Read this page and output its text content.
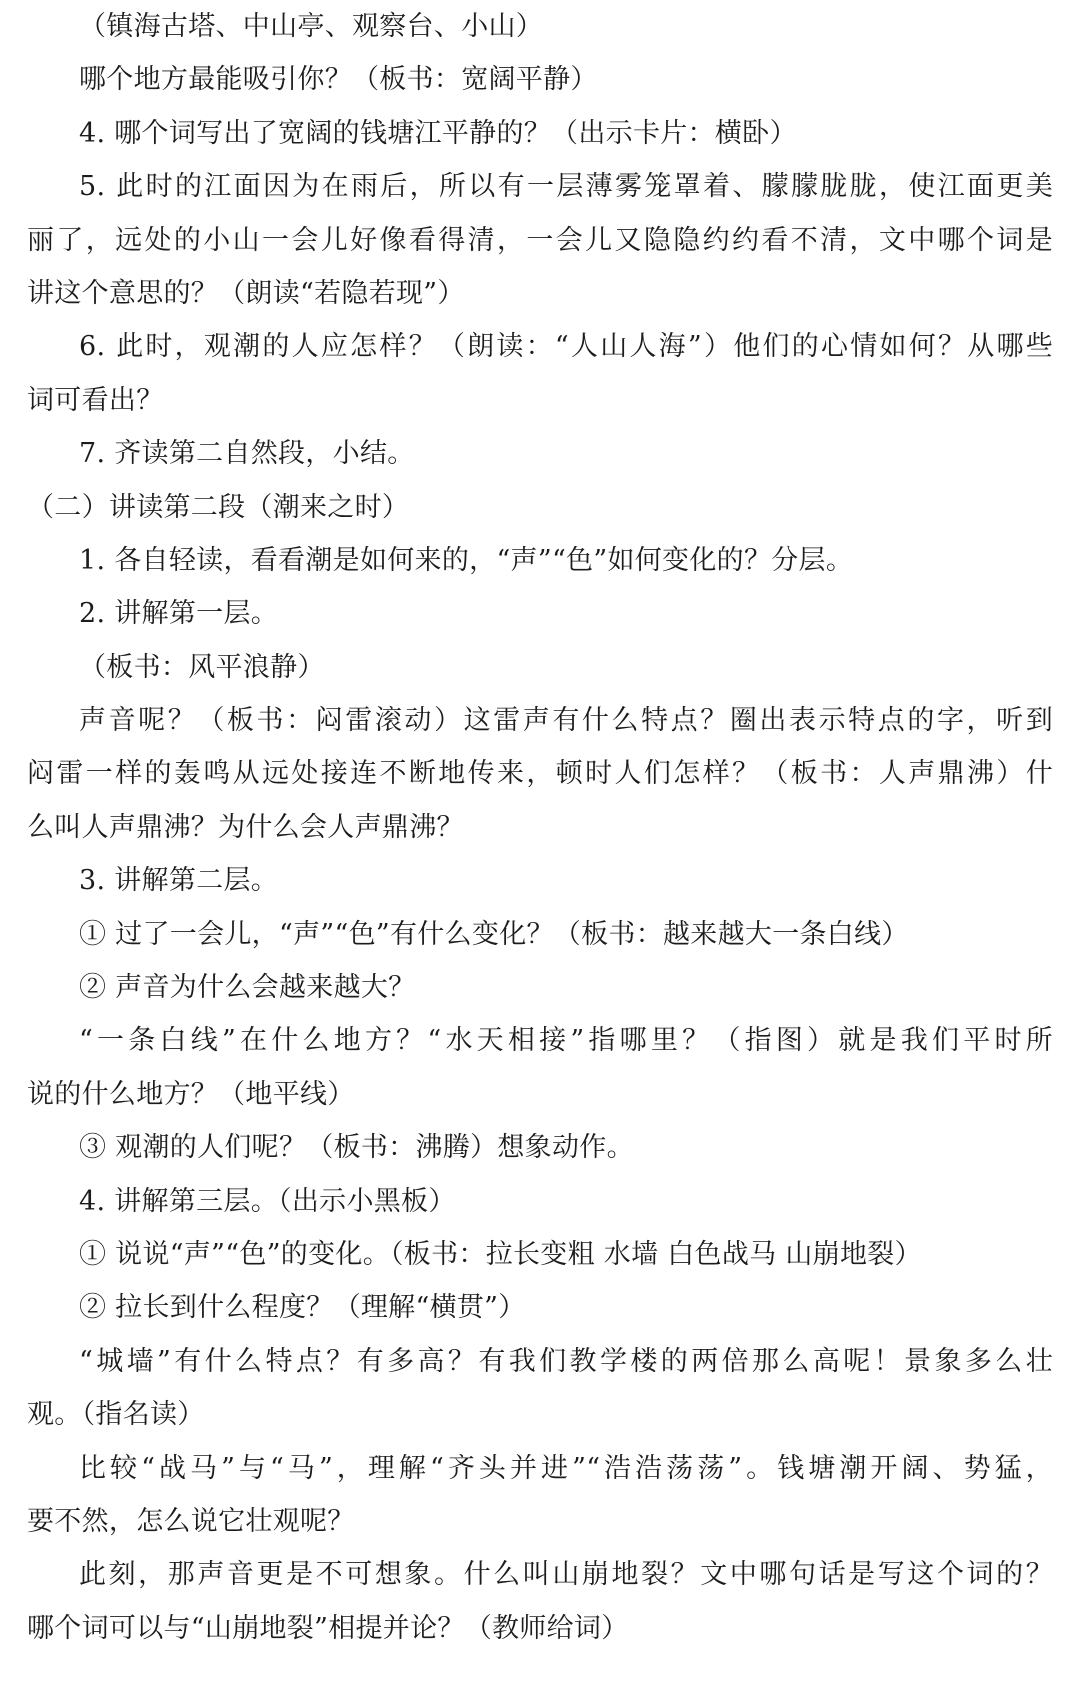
（镇海古塔、中山亭、观察台、小山）
哪个地方最能吸引你？（板书：宽阔平静）
4. 哪个词写出了宽阔的钱塘江平静的？（出示卡片：横卧）
5. 此时的江面因为在雨后，所以有一层薄雾笼罩着、朦朦胧胧，使江面更美
丽了，远处的小山一会儿好像看得清，一会儿又隐隐约约看不清，文中哪个词是
讲这个意思的？（朗读“若隐若现”）
6. 此时，观潮的人应怎样？（朗读：“人山人海”）他们的心情如何？从哪些
词可看出？
7. 齐读第二自然段，小结。
（二）讲读第二段（潮来之时）
1. 各自轻读，看看潮是如何来的，“声”“色”如何变化的？分层。
2. 讲解第一层。
（板书：风平浪静）
声音呢？（板书：闷雷滚动）这雷声有什么特点？圈出表示特点的字，听到
闷雷一样的轰鸣从远处接连不断地传来，顿时人们怎样？（板书：人声鼎沸）什
么叫人声鼎沸？为什么会人声鼎沸？
3. 讲解第二层。
① 过了一会儿，“声”“色”有什么变化？（板书：越来越大一条白线）
② 声音为什么会越来越大？
“一条白线”在什么地方？“水天相接”指哪里？（指图）就是我们平时所
说的什么地方？（地平线）
③ 观潮的人们呢？（板书：沸腾）想象动作。
4. 讲解第三层。（出示小黑板）
① 说说“声”“色”的变化。（板书：拉长变粗 水墙 白色战马 山崩地裂）
② 拉长到什么程度？（理解“横贯”）
“城墙”有什么特点？有多高？有我们教学楼的两倍那么高呢！景象多么壮
观。（指名读）
比较“战马”与“马”，理解“齐头并进”“浩浩荡荡”。钱塘潮开阔、势猛，
要不然，怎么说它壮观呢？
此刻，那声音更是不可想象。什么叫山崩地裂？文中哪句话是写这个词的？
哪个词可以与“山崩地裂”相提并论？（教师给词）
